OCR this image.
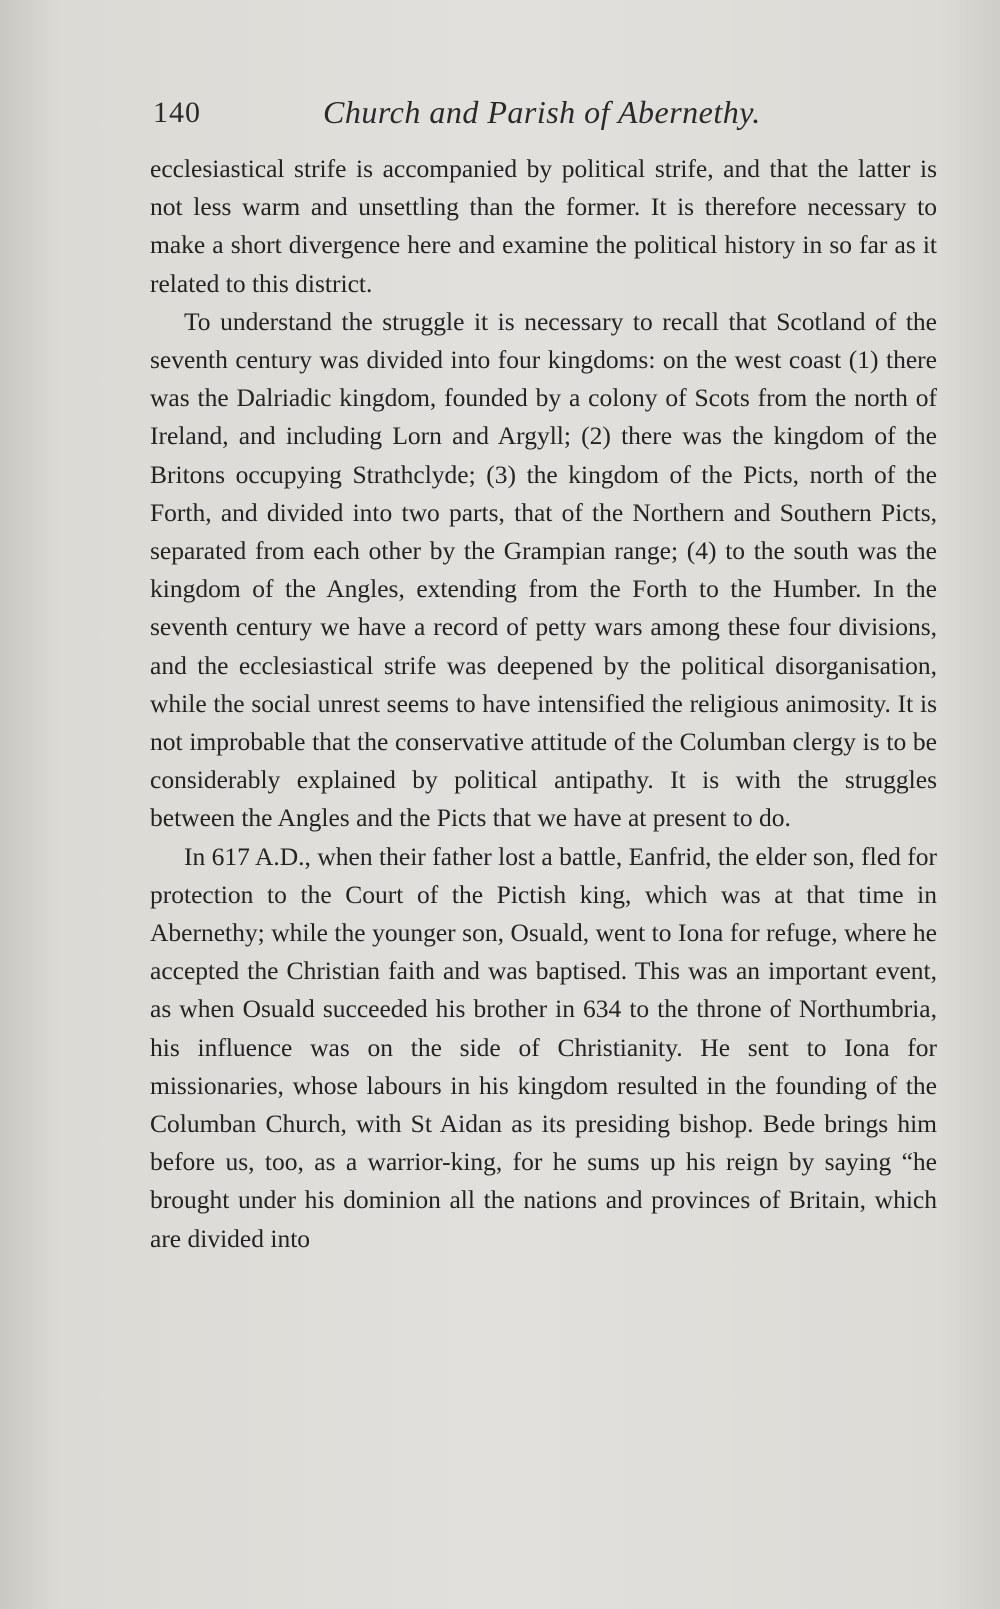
140	Church and Parish of Abernethy.

ecclesiastical strife is accompanied by political strife, and that the latter is not less warm and unsettling than the former. It is therefore necessary to make a short divergence here and examine the political history in so far as it related to this district.

To understand the struggle it is necessary to recall that Scotland of the seventh century was divided into four kingdoms: on the west coast (1) there was the Dalriadic kingdom, founded by a colony of Scots from the north of Ireland, and including Lorn and Argyll; (2) there was the kingdom of the Britons occupying Strathclyde; (3) the kingdom of the Picts, north of the Forth, and divided into two parts, that of the Northern and Southern Picts, separated from each other by the Grampian range; (4) to the south was the kingdom of the Angles, extending from the Forth to the Humber. In the seventh century we have a record of petty wars among these four divisions, and the ecclesiastical strife was deepened by the political disorganisation, while the social unrest seems to have intensified the religious animosity. It is not improbable that the conservative attitude of the Columban clergy is to be considerably explained by political antipathy. It is with the struggles between the Angles and the Picts that we have at present to do.

In 617 A.D., when their father lost a battle, Eanfrid, the elder son, fled for protection to the Court of the Pictish king, which was at that time in Abernethy; while the younger son, Osuald, went to Iona for refuge, where he accepted the Christian faith and was baptised. This was an important event, as when Osuald succeeded his brother in 634 to the throne of Northumbria, his influence was on the side of Christianity. He sent to Iona for missionaries, whose labours in his kingdom resulted in the founding of the Columban Church, with St Aidan as its presiding bishop. Bede brings him before us, too, as a warrior-king, for he sums up his reign by saying “he brought under his dominion all the nations and provinces of Britain, which are divided into
